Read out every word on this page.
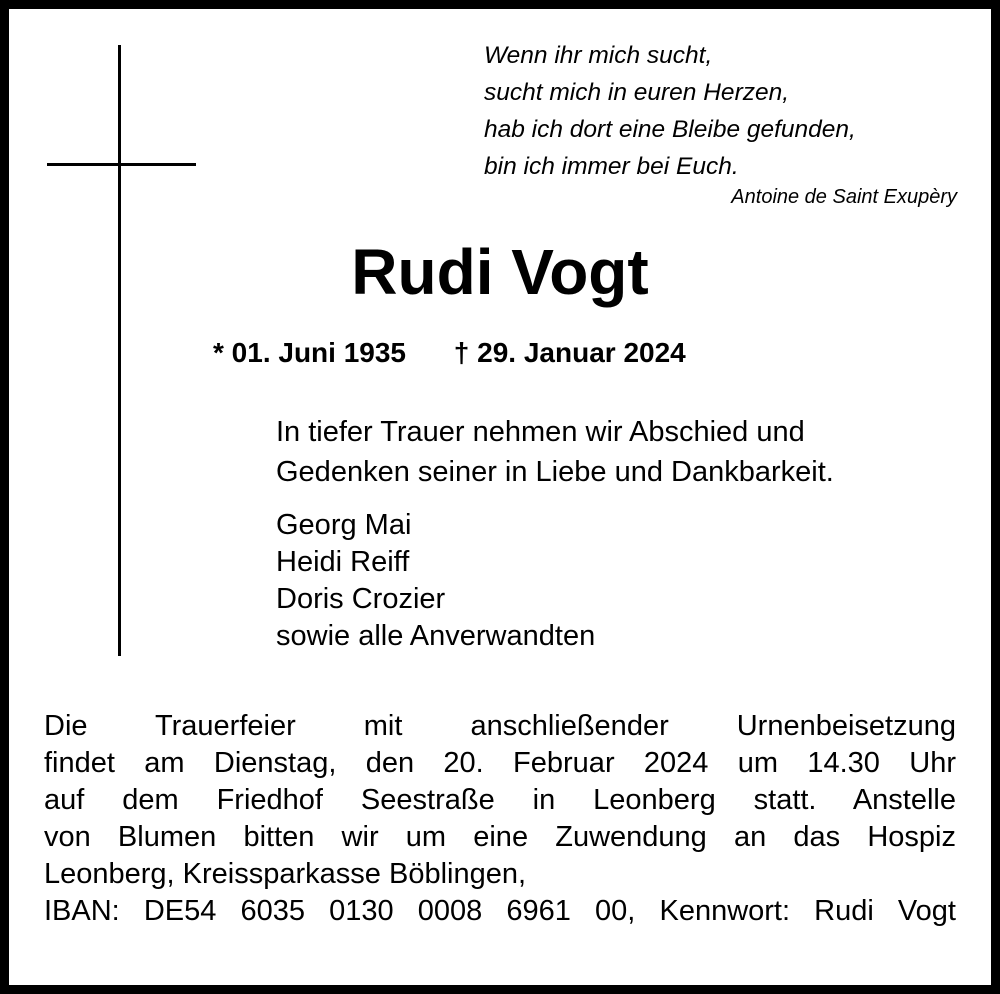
Wenn ihr mich sucht,
sucht mich in euren Herzen,
hab ich dort eine Bleibe gefunden,
bin ich immer bei Euch.
Antoine de Saint Exupèry
Rudi Vogt
* 01. Juni 1935 † 29. Januar 2024
In tiefer Trauer nehmen wir Abschied und
Gedenken seiner in Liebe und Dankbarkeit.
Georg Mai
Heidi Reiff
Doris Crozier
sowie alle Anverwandten
Die Trauerfeier mit anschließender Urnenbeisetzung
findet am Dienstag, den 20. Februar 2024 um 14.30 Uhr
auf dem Friedhof Seestraße in Leonberg statt. Anstelle
von Blumen bitten wir um eine Zuwendung an das Hospiz
Leonberg, Kreissparkasse Böblingen,
IBAN: DE54 6035 0130 0008 6961 00, Kennwort: Rudi Vogt
